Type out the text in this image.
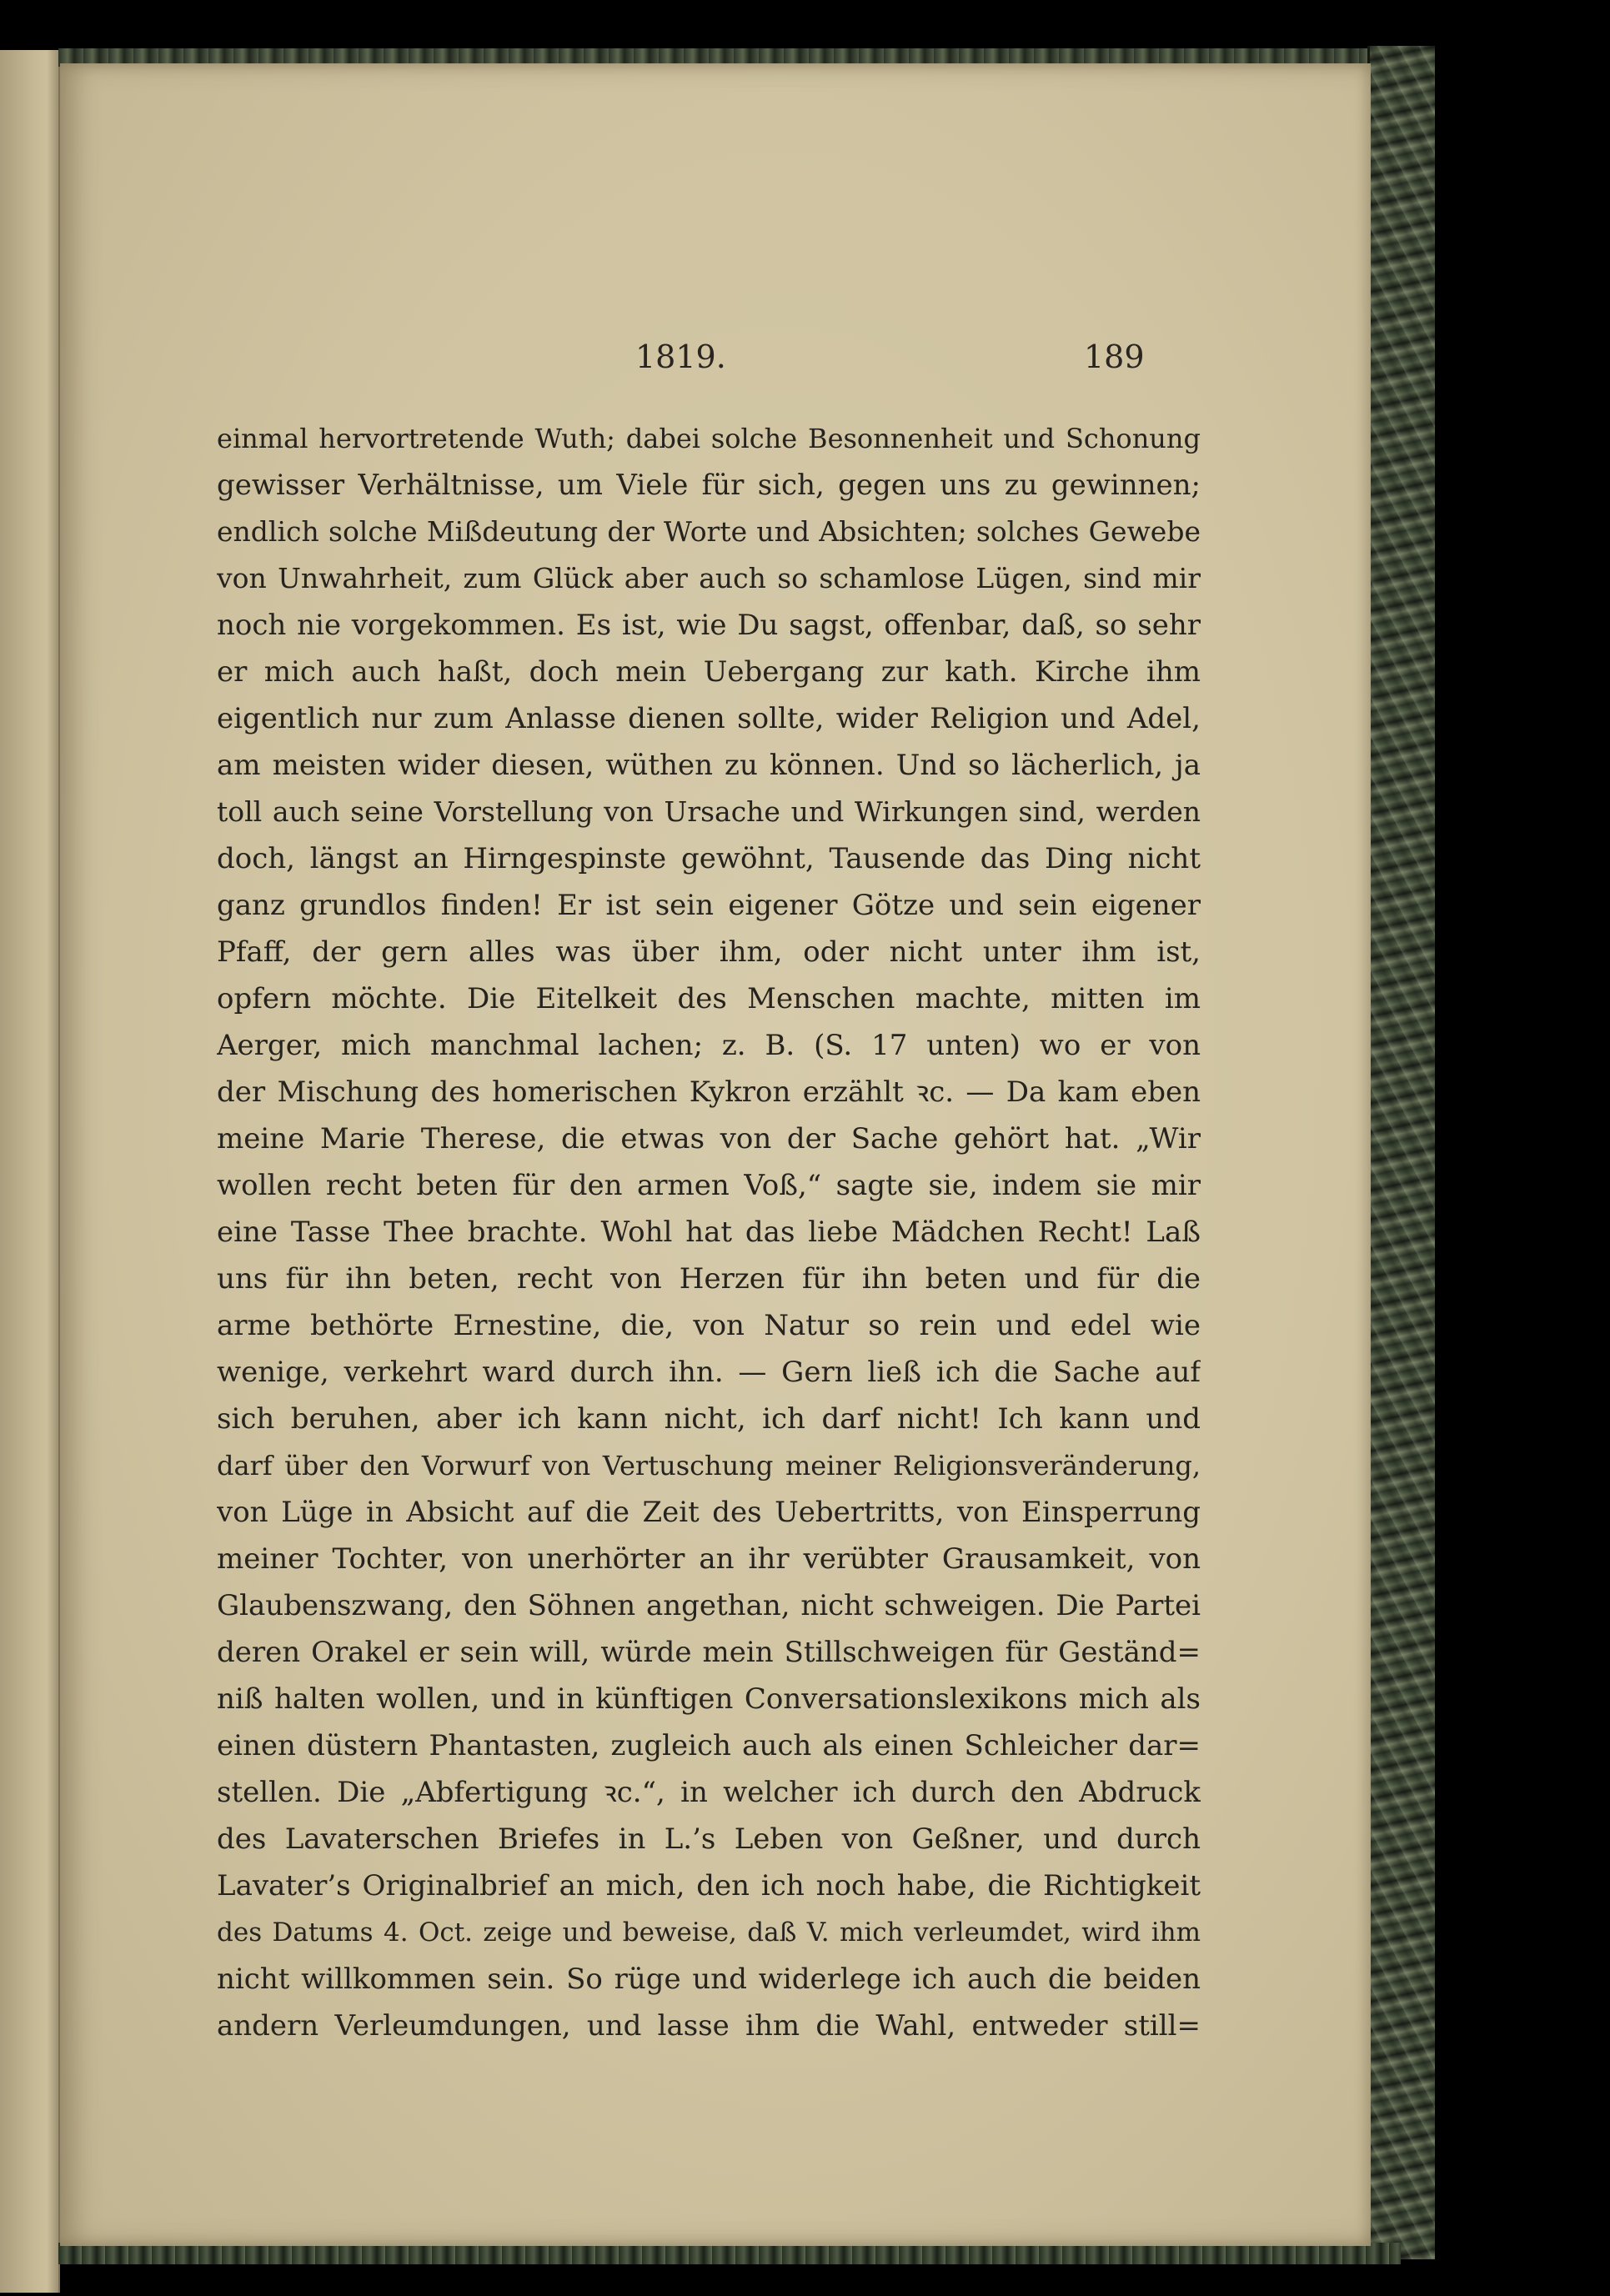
1819.	189
einmal hervortretende Wuth; dabei solche Besonnenheit und Schonung
gewisser Verhältnisse, um Viele für sich, gegen uns zu gewinnen;
endlich solche Mißdeutung der Worte und Absichten; solches Gewebe
von Unwahrheit, zum Glück aber auch so schamlose Lügen, sind mir
noch nie vorgekommen. Es ist, wie Du sagst, offenbar, daß, so sehr
er mich auch haßt, doch mein Uebergang zur kath. Kirche ihm
eigentlich nur zum Anlasse dienen sollte, wider Religion und Adel,
am meisten wider diesen, wüthen zu können. Und so lächerlich, ja
toll auch seine Vorstellung von Ursache und Wirkungen sind, werden
doch, längst an Hirngespinste gewöhnt, Tausende das Ding nicht
ganz grundlos finden! Er ist sein eigener Götze und sein eigener
Pfaff, der gern alles was über ihm, oder nicht unter ihm ist,
opfern möchte. Die Eitelkeit des Menschen machte, mitten im
Aerger, mich manchmal lachen; z. B. (S. 17 unten) wo er von
der Mischung des homerischen Kykron erzählt ꝛc. — Da kam eben
meine Marie Therese, die etwas von der Sache gehört hat. „Wir
wollen recht beten für den armen Voß,“ sagte sie, indem sie mir
eine Tasse Thee brachte. Wohl hat das liebe Mädchen Recht! Laß
uns für ihn beten, recht von Herzen für ihn beten und für die
arme bethörte Ernestine, die, von Natur so rein und edel wie
wenige, verkehrt ward durch ihn. — Gern ließ ich die Sache auf
sich beruhen, aber ich kann nicht, ich darf nicht! Ich kann und
darf über den Vorwurf von Vertuschung meiner Religionsveränderung,
von Lüge in Absicht auf die Zeit des Uebertritts, von Einsperrung
meiner Tochter, von unerhörter an ihr verübter Grausamkeit, von
Glaubenszwang, den Söhnen angethan, nicht schweigen. Die Partei
deren Orakel er sein will, würde mein Stillschweigen für Geständ=
niß halten wollen, und in künftigen Conversationslexikons mich als
einen düstern Phantasten, zugleich auch als einen Schleicher dar=
stellen. Die „Abfertigung ꝛc.“, in welcher ich durch den Abdruck
des Lavaterschen Briefes in L.’s Leben von Geßner, und durch
Lavater’s Originalbrief an mich, den ich noch habe, die Richtigkeit
des Datums 4. Oct. zeige und beweise, daß V. mich verleumdet, wird ihm
nicht willkommen sein. So rüge und widerlege ich auch die beiden
andern Verleumdungen, und lasse ihm die Wahl, entweder still=
